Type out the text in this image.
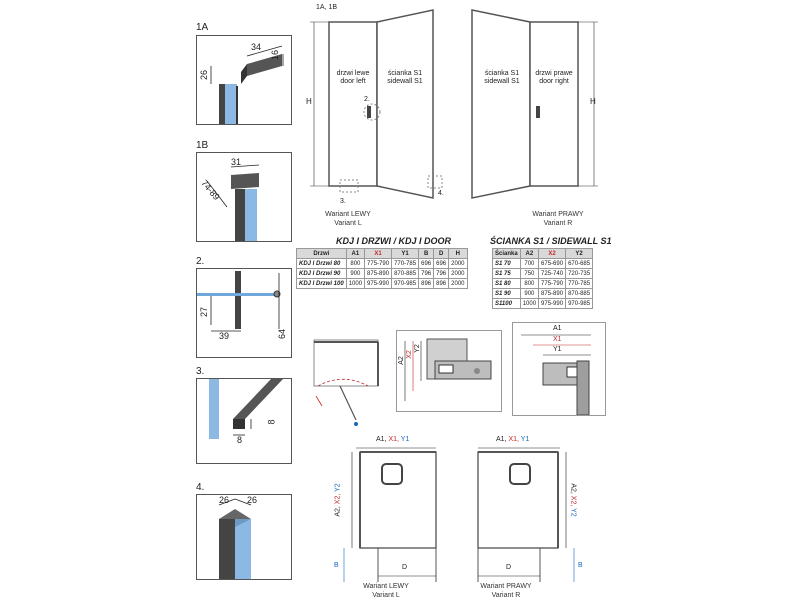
1A
34
16
26
1B
31
74-89
2.
27
39	64
3.
8
8
4.
26 26
1A, 1B
H
drzwi lewe
door left
ścianka S1
sidewall S1
2.
3.
Wariant LEWY
Variant L
H
ścianka S1
sidewall S1
drzwi prawe
door right
4.
Wariant PRAWY
Variant R
KDJ I DRZWI / KDJ I DOOR
Drzwi	A1	X1	Y1	B	D	H
KDJ I Drzwi 80	800	775-790	770-785	696	696	2000
KDJ I Drzwi 90	900	875-890	870-885	796	796	2000
KDJ I Drzwi 100	1000	975-990	970-985	896	896	2000
ŚCIANKA S1 / SIDEWALL S1
Ścianka	A2	X2	Y2
S1 70	700	675-690	670-685
S1 75	750	725-740	720-735
S1 80	800	775-790	770-785
S1 90	900	875-890	870-885
S1100	1000	975-990	970-985
A2
X2
Y2
A1
X1
Y1
A1, X1, Y1
A2, X2, Y2
D
B
Wariant LEWY
Variant L
A1, X1, Y1
A2, X2, Y2
D	B
Wariant PRAWY
Variant R
